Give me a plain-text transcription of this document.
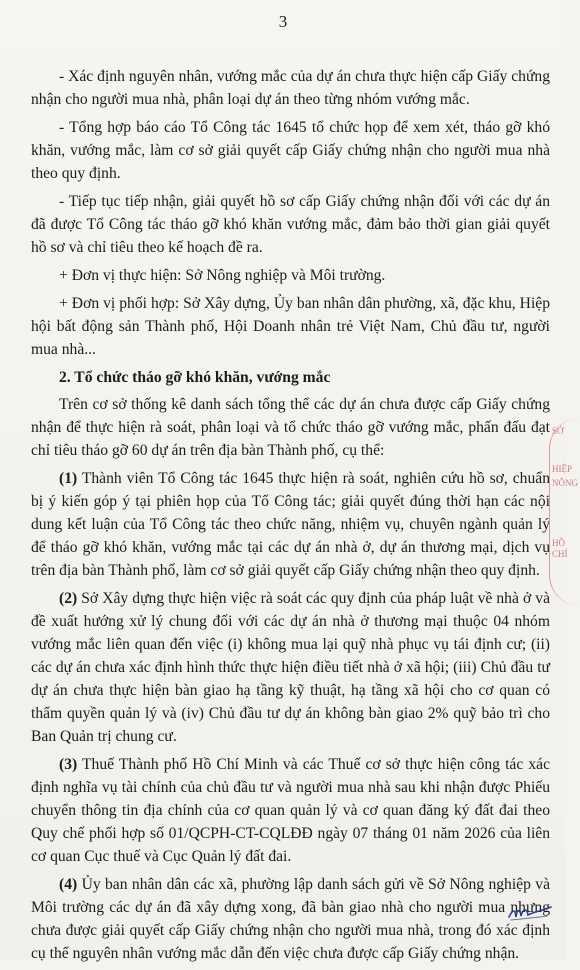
3

- Xác định nguyên nhân, vướng mắc của dự án chưa thực hiện cấp Giấy chứng nhận cho người mua nhà, phân loại dự án theo từng nhóm vướng mắc.

- Tổng hợp báo cáo Tổ Công tác 1645 tổ chức họp để xem xét, tháo gỡ khó khăn, vướng mắc, làm cơ sở giải quyết cấp Giấy chứng nhận cho người mua nhà theo quy định.

- Tiếp tục tiếp nhận, giải quyết hồ sơ cấp Giấy chứng nhận đối với các dự án đã được Tổ Công tác tháo gỡ khó khăn vướng mắc, đảm bảo thời gian giải quyết hồ sơ và chỉ tiêu theo kế hoạch đề ra.

+ Đơn vị thực hiện: Sở Nông nghiệp và Môi trường.

+ Đơn vị phối hợp: Sở Xây dựng, Ủy ban nhân dân phường, xã, đặc khu, Hiệp hội bất động sản Thành phố, Hội Doanh nhân trẻ Việt Nam, Chủ đầu tư, người mua nhà...

2. Tổ chức tháo gỡ khó khăn, vướng mắc

Trên cơ sở thống kê danh sách tổng thể các dự án chưa được cấp Giấy chứng nhận để thực hiện rà soát, phân loại và tổ chức tháo gỡ vướng mắc, phấn đấu đạt chỉ tiêu tháo gỡ 60 dự án trên địa bàn Thành phố, cụ thể:

(1) Thành viên Tổ Công tác 1645 thực hiện rà soát, nghiên cứu hồ sơ, chuẩn bị ý kiến góp ý tại phiên họp của Tổ Công tác; giải quyết đúng thời hạn các nội dung kết luận của Tổ Công tác theo chức năng, nhiệm vụ, chuyên ngành quản lý để tháo gỡ khó khăn, vướng mắc tại các dự án nhà ở, dự án thương mại, dịch vụ trên địa bàn Thành phố, làm cơ sở giải quyết cấp Giấy chứng nhận theo quy định.

(2) Sở Xây dựng thực hiện việc rà soát các quy định của pháp luật về nhà ở và đề xuất hướng xử lý chung đối với các dự án nhà ở thương mại thuộc 04 nhóm vướng mắc liên quan đến việc (i) không mua lại quỹ nhà phục vụ tái định cư; (ii) các dự án chưa xác định hình thức thực hiện điều tiết nhà ở xã hội; (iii) Chủ đầu tư dự án chưa thực hiện bàn giao hạ tầng kỹ thuật, hạ tầng xã hội cho cơ quan có thẩm quyền quản lý và (iv) Chủ đầu tư dự án không bàn giao 2% quỹ bảo trì cho Ban Quản trị chung cư.

(3) Thuế Thành phố Hồ Chí Minh và các Thuế cơ sở thực hiện công tác xác định nghĩa vụ tài chính của chủ đầu tư và người mua nhà sau khi nhận được Phiếu chuyển thông tin địa chính của cơ quan quản lý và cơ quan đăng ký đất đai theo Quy chế phối hợp số 01/QCPH-CT-CQLĐĐ ngày 07 tháng 01 năm 2026 của liên cơ quan Cục thuế và Cục Quản lý đất đai.

(4) Ủy ban nhân dân các xã, phường lập danh sách gửi về Sở Nông nghiệp và Môi trường các dự án đã xây dựng xong, đã bàn giao nhà cho người mua nhưng chưa được giải quyết cấp Giấy chứng nhận cho người mua nhà, trong đó xác định cụ thể nguyên nhân vướng mắc dẫn đến việc chưa được cấp Giấy chứng nhận.

SỞ
HIỆP
NÔNG
HỒ CHÍ
